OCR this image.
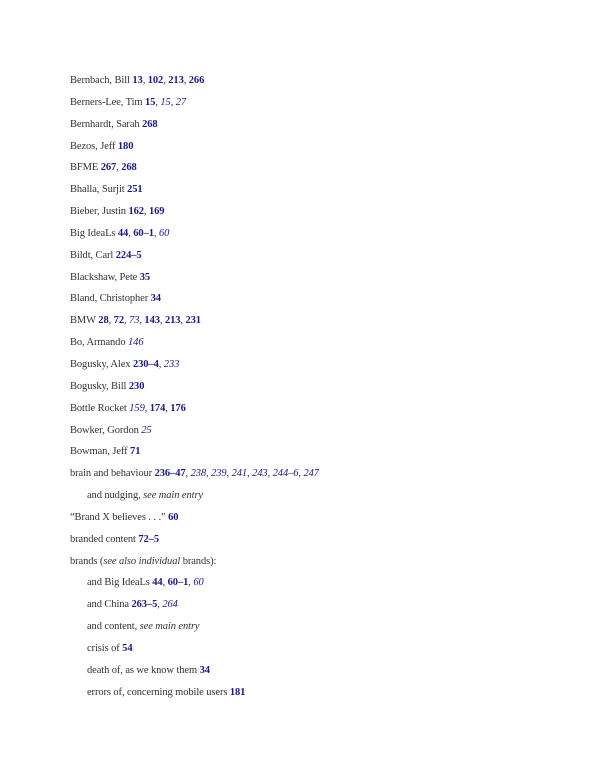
Bernbach, Bill 13, 102, 213, 266
Berners-Lee, Tim 15, 15, 27
Bernhardt, Sarah 268
Bezos, Jeff 180
BFME 267, 268
Bhalla, Surjit 251
Bieber, Justin 162, 169
Big IdeaLs 44, 60–1, 60
Bildt, Carl 224–5
Blackshaw, Pete 35
Bland, Christopher 34
BMW 28, 72, 73, 143, 213, 231
Bo, Armando 146
Bogusky, Alex 230–4, 233
Bogusky, Bill 230
Bottle Rocket 159, 174, 176
Bowker, Gordon 25
Bowman, Jeff 71
brain and behaviour 236–47, 238, 239, 241, 243, 244–6, 247
and nudging, see main entry
“Brand X believes . . .” 60
branded content 72–5
brands (see also individual brands):
and Big IdeaLs 44, 60–1, 60
and China 263–5, 264
and content, see main entry
crisis of 54
death of, as we know them 34
errors of, concerning mobile users 181
